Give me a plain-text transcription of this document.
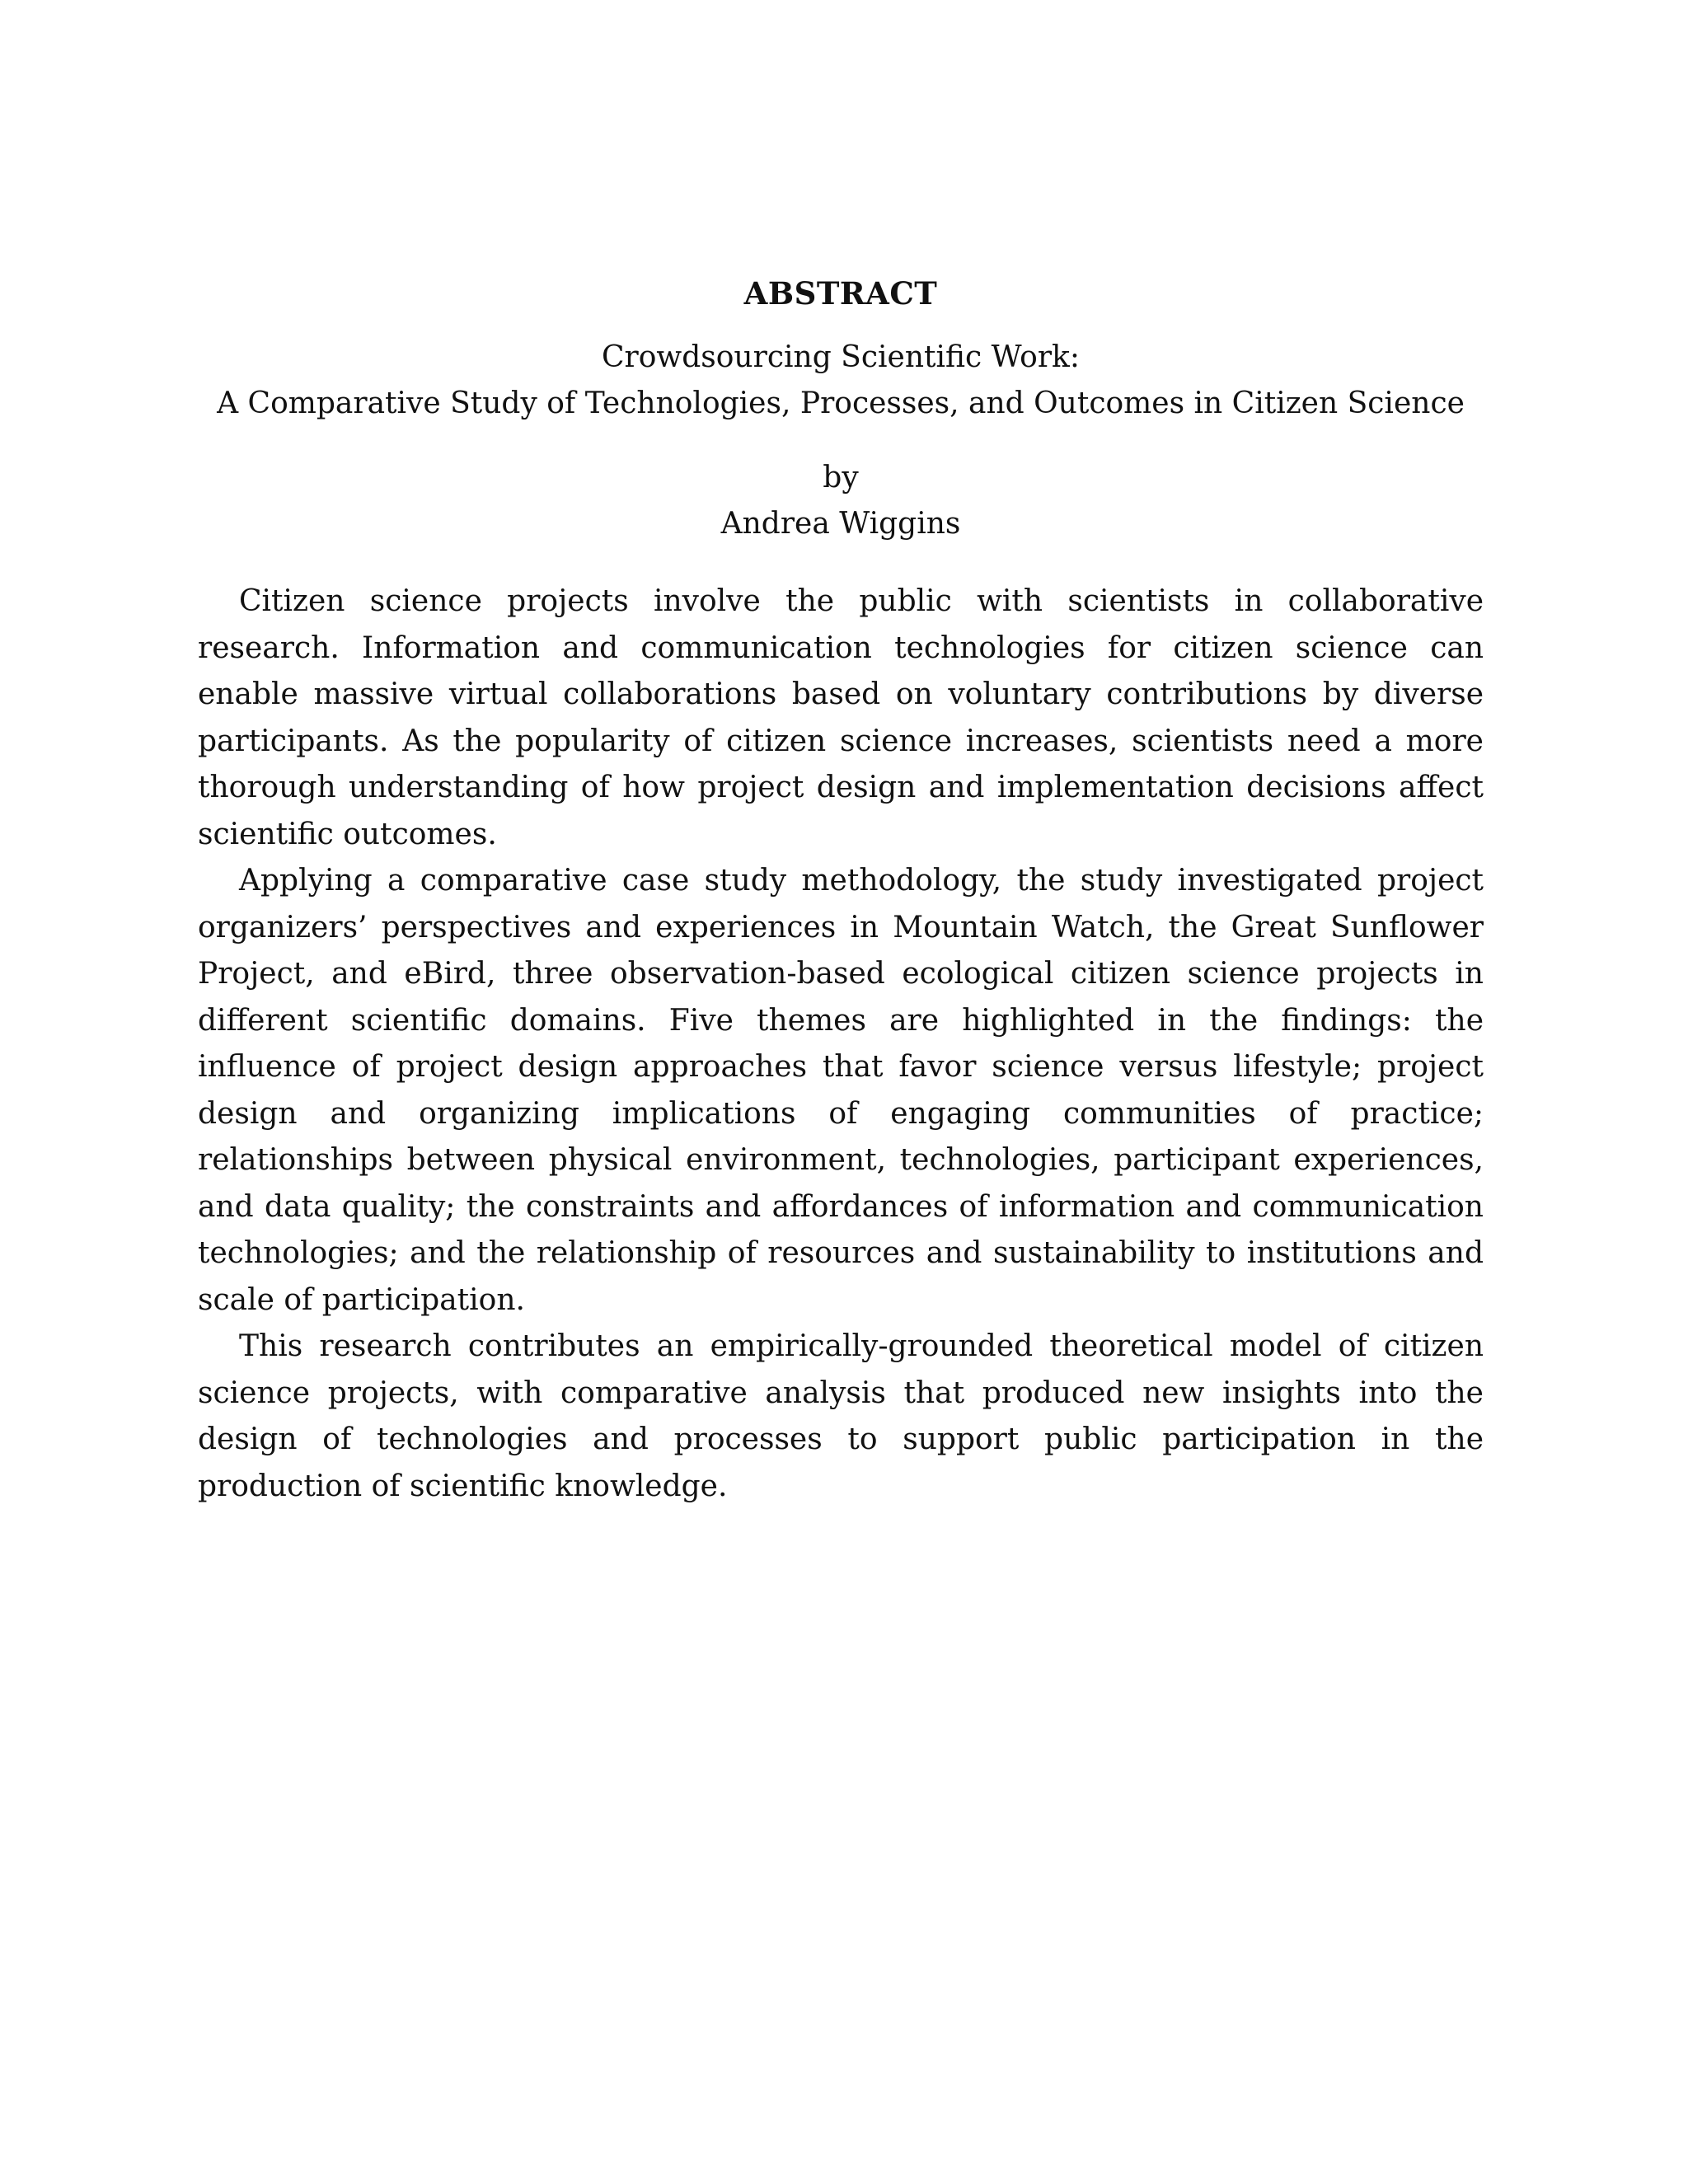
ABSTRACT
Crowdsourcing Scientific Work:
A Comparative Study of Technologies, Processes, and Outcomes in Citizen Science
by
Andrea Wiggins

Citizen science projects involve the public with scientists in collaborative research. Information and communication technologies for citizen science can enable massive virtual collaborations based on voluntary contributions by diverse participants. As the popularity of citizen science increases, scientists need a more thorough understanding of how project design and implementation decisions affect scientific outcomes.

Applying a comparative case study methodology, the study investigated project organizers’ perspectives and experiences in Mountain Watch, the Great Sunflower Project, and eBird, three observation-based ecological citizen science projects in different scientific domains. Five themes are highlighted in the findings: the influence of project design approaches that favor science versus lifestyle; project design and organizing implications of engaging communities of practice; relationships between physical environment, technologies, participant experiences, and data quality; the constraints and affordances of information and communication technologies; and the relationship of resources and sustainability to institutions and scale of participation.

This research contributes an empirically-grounded theoretical model of citizen science projects, with comparative analysis that produced new insights into the design of technologies and processes to support public participation in the production of scientific knowledge.
